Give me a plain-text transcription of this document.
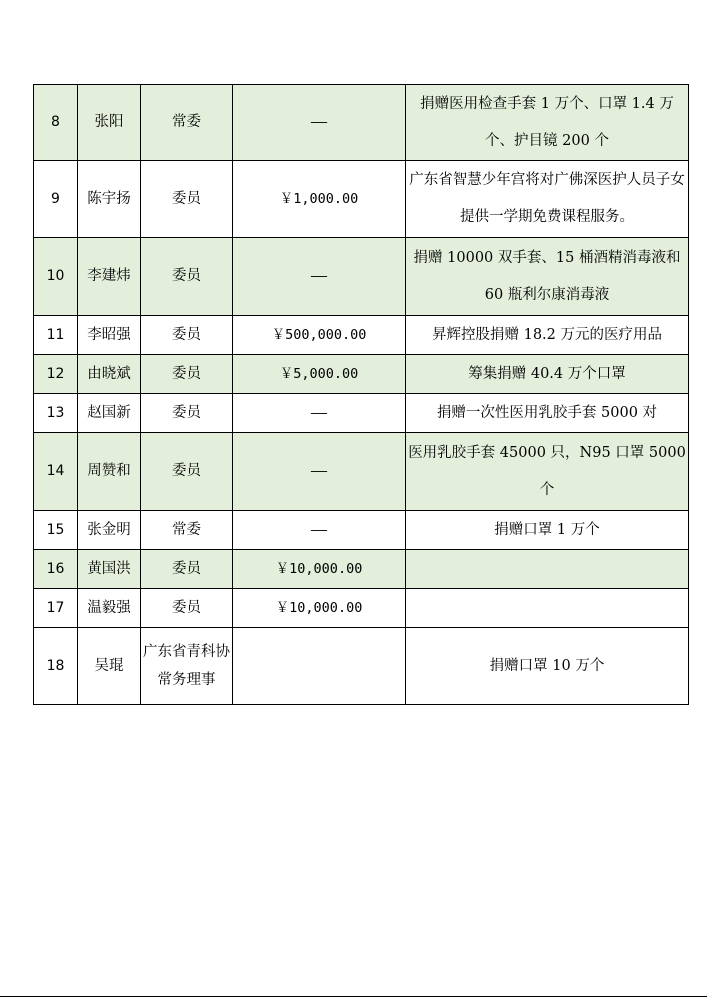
8	张阳	常委	——	捐赠医用检查手套 1 万个、口罩 1.4 万个、护目镜 200 个
9	陈宇扬	委员	￥1,000.00	广东省智慧少年宫将对广佛深医护人员子女提供一学期免费课程服务。
10	李建炜	委员	——	捐赠 10000 双手套、15 桶酒精消毒液和 60 瓶利尔康消毒液
11	李昭强	委员	￥500,000.00	昇辉控股捐赠 18.2 万元的医疗用品
12	由晓斌	委员	￥5,000.00	筹集捐赠 40.4 万个口罩
13	赵国新	委员	——	捐赠一次性医用乳胶手套 5000 对
14	周赞和	委员	——	医用乳胶手套 45000 只，N95 口罩 5000 个
15	张金明	常委	——	捐赠口罩 1 万个
16	黄国洪	委员	￥10,000.00	
17	温毅强	委员	￥10,000.00	
18	吴琨	广东省青科协常务理事		捐赠口罩 10 万个
